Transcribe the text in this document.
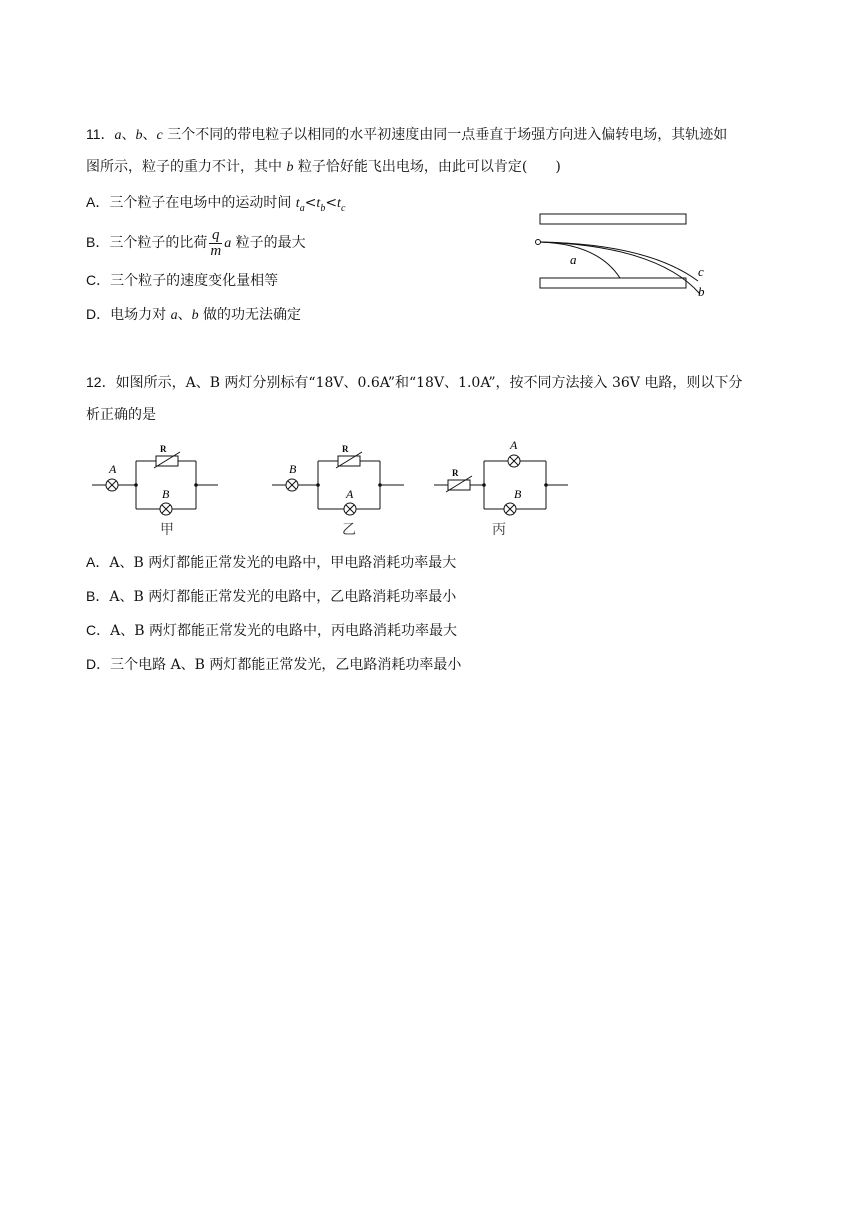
11．a、b、c 三个不同的带电粒子以相同的水平初速度由同一点垂直于场强方向进入偏转电场，其轨迹如
图所示，粒子的重力不计，其中 b 粒子恰好能飞出电场，由此可以肯定(　　)
A．三个粒子在电场中的运动时间 $t_a<t_b<t_c$
B．三个粒子的比荷 $\frac{q}{m}$ a 粒子的最大
C．三个粒子的速度变化量相等
D．电场力对 a、b 做的功无法确定
a
c
b
12．如图所示，A、B 两灯分别标有“18V、0.6A”和“18V、1.0A”，按不同方法接入 36V 电路，则以下分
析正确的是
A
R
B
甲
B
R
A
乙
R
A
B
丙
A．A、B 两灯都能正常发光的电路中，甲电路消耗功率最大
B．A、B 两灯都能正常发光的电路中，乙电路消耗功率最小
C．A、B 两灯都能正常发光的电路中，丙电路消耗功率最大
D．三个电路 A、B 两灯都能正常发光，乙电路消耗功率最小
